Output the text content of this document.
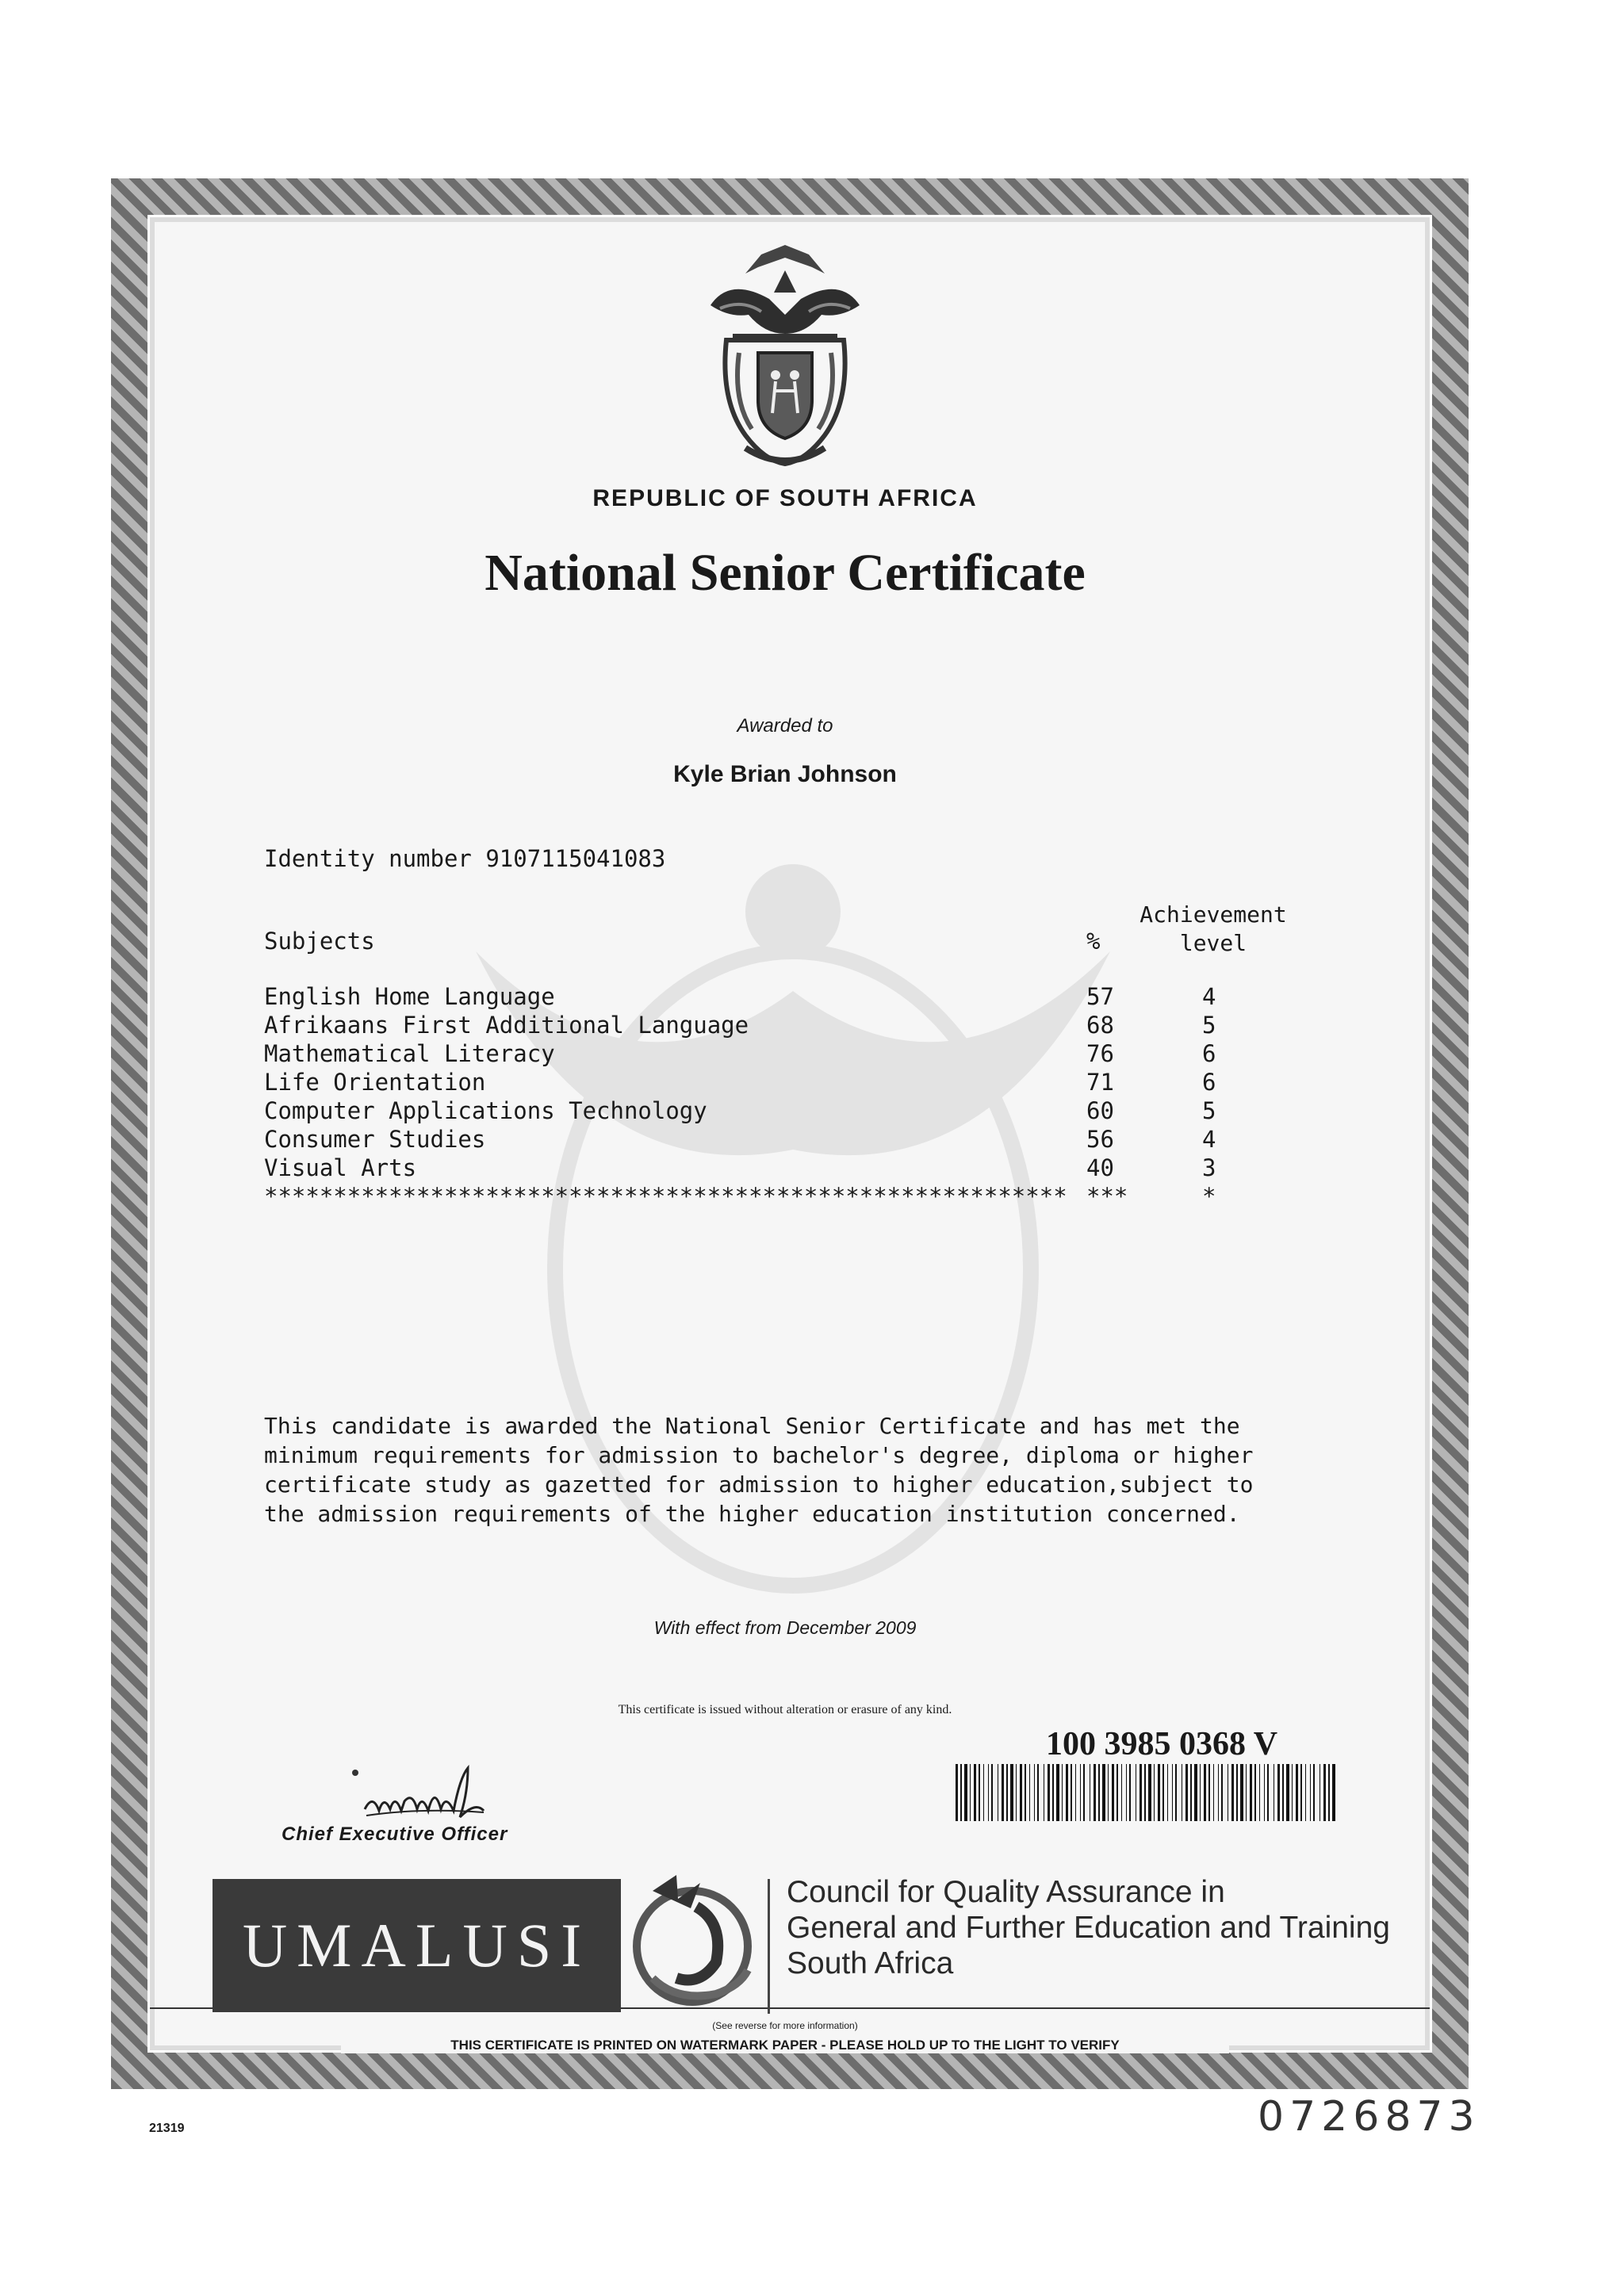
REPUBLIC OF SOUTH AFRICA
National Senior Certificate
Awarded to
Kyle Brian Johnson
Identity number 9107115041083
Subjects	%
Achievement
level
English Home Language	57	4
Afrikaans First Additional Language	68	5
Mathematical Literacy	76	6
Life Orientation	71	6
Computer Applications Technology	60	5
Consumer Studies	56	4
Visual Arts	40	3
********************************************************** ***	*
This candidate is awarded the National Senior Certificate and has met the
minimum requirements for admission to bachelor's degree, diploma or higher
certificate study as gazetted for admission to higher education,subject to
the admission requirements of the higher education institution concerned.
With effect from December 2009
This certificate is issued without alteration or erasure of any kind.
100 3985 0368 V
Chief Executive Officer
UMALUSI
Council for Quality Assurance in
General and Further Education and Training
South Africa
(See reverse for more information)
THIS CERTIFICATE IS PRINTED ON WATERMARK PAPER - PLEASE HOLD UP TO THE LIGHT TO VERIFY
21319	0726873
